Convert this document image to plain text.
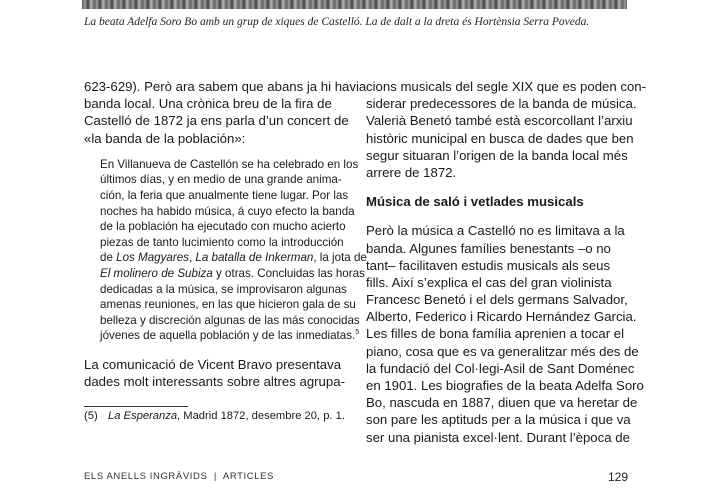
La beata Adelfa Soro Bo amb un grup de xiques de Castelló. La de dalt a la dreta és Hortènsia Serra Poveda.
623-629). Però ara sabem que abans ja hi havia
banda local. Una crònica breu de la fira de
Castelló de 1872 ja ens parla d’un concert de
«la banda de la población»:
En Villanueva de Castellón se ha celebrado en los
últimos días, y en medio de una grande anima-
ción, la feria que anualmente tiene lugar. Por las
noches ha habido música, á cuyo efecto la banda
de la población ha ejecutado con mucho acierto
piezas de tanto lucimiento como la introducción
de Los Magyares, La batalla de Inkerman, la jota de
El molinero de Subiza y otras. Concluidas las horas
dedicadas a la música, se improvisaron algunas
amenas reuniones, en las que hicieron gala de su
belleza y discreción algunas de las más conocidas
jóvenes de aquella población y de las inmediatas.$^5$
La comunicació de Vicent Bravo presentava
dades molt interessants sobre altres agrupa-
cions musicals del segle XIX que es poden con-
siderar predecessores de la banda de música.
Valerià Benetó també està escorcollant l’arxiu
històric municipal en busca de dades que ben
segur situaran l’origen de la banda local més
arrere de 1872.
Música de saló i vetlades musicals
Però la música a Castelló no es limitava a la
banda. Algunes famílies benestants –o no
tant– facilitaven estudis musicals als seus
fills. Així s’explica el cas del gran violinista
Francesc Benetó i el dels germans Salvador,
Alberto, Federico i Ricardo Hernández Garcia.
Les filles de bona família aprenien a tocar el
piano, cosa que es va generalitzar més des de
la fundació del Col·legi-Asil de Sant Doménec
en 1901. Les biografies de la beata Adelfa Soro
Bo, nascuda en 1887, diuen que va heretar de
son pare les aptituds per a la música i que va
ser una pianista excel·lent. Durant l’època de
(5) La Esperanza, Madrid 1872, desembre 20, p. 1.
ELS ANELLS INGRÀVIDS  |  ARTICLES	129
